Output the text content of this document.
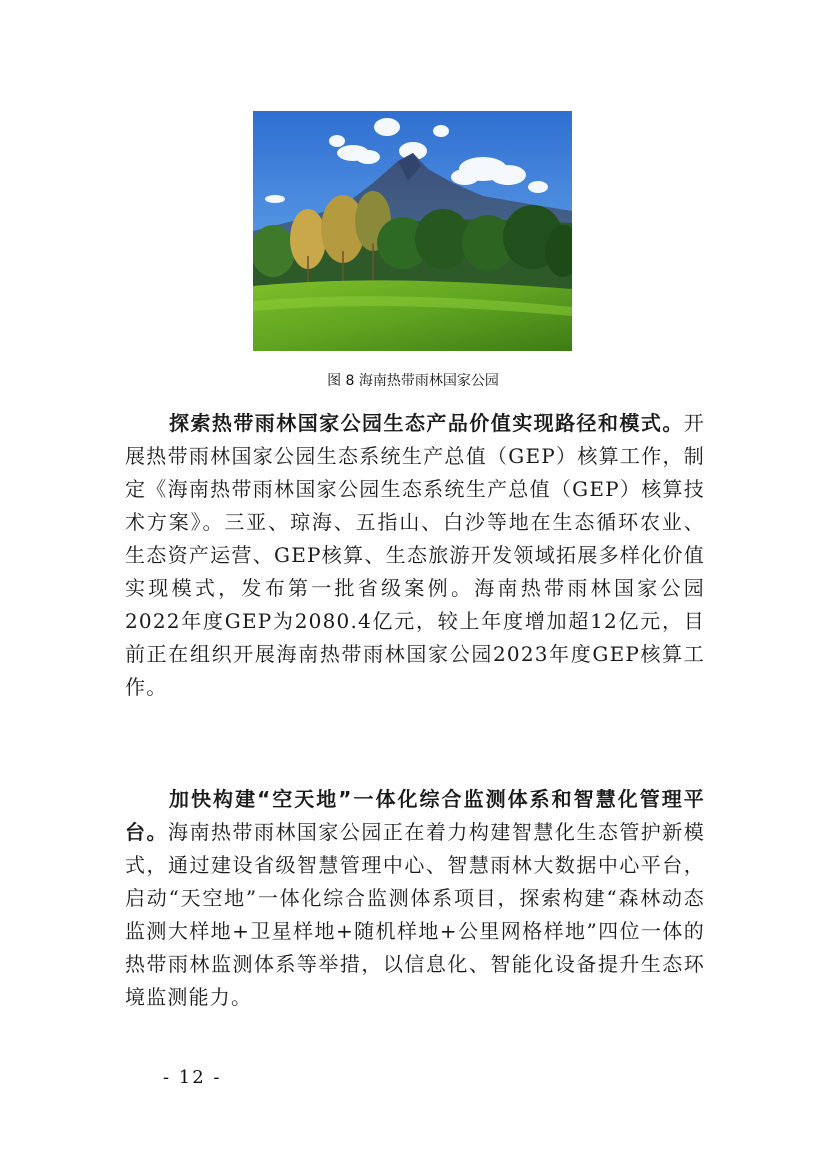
图 8 海南热带雨林国家公园

探索热带雨林国家公园生态产品价值实现路径和模式。开展热带雨林国家公园生态系统生产总值（GEP）核算工作，制定《海南热带雨林国家公园生态系统生产总值（GEP）核算技术方案》。三亚、琼海、五指山、白沙等地在生态循环农业、生态资产运营、GEP核算、生态旅游开发领域拓展多样化价值实现模式，发布第一批省级案例。海南热带雨林国家公园2022年度GEP为2080.4亿元，较上年度增加超12亿元，目前正在组织开展海南热带雨林国家公园2023年度GEP核算工作。

加快构建“空天地”一体化综合监测体系和智慧化管理平台。海南热带雨林国家公园正在着力构建智慧化生态管护新模式，通过建设省级智慧管理中心、智慧雨林大数据中心平台，启动“天空地”一体化综合监测体系项目，探索构建“森林动态监测大样地+卫星样地+随机样地+公里网格样地”四位一体的热带雨林监测体系等举措，以信息化、智能化设备提升生态环境监测能力。

- 12 -
